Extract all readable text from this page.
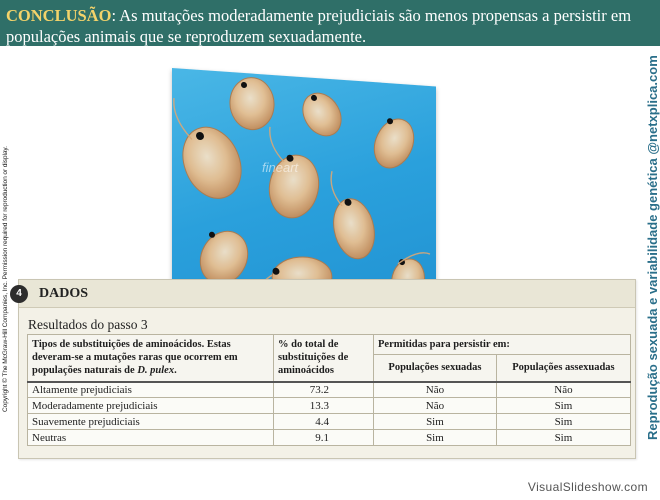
CONCLUSÃO: As mutações moderadamente prejudiciais são menos propensas a persistir em populações animais que se reproduzem sexuadamente.
Copyright © The McGraw-Hill Companies, Inc. Permission required for reproduction or display.	Reprodução sexuada e variabilidade genética @netxplica.com
fineart
4	DADOS
Resultados do passo 3
Tipos de substituições de aminoácidos. Estas deveram-se a mutações raras que ocorrem em populações naturais de D. pulex.	% do total de substituições de aminoácidos	Permitidas para persistir em:	
		Populações sexuadas	Populações assexuadas
Altamente prejudiciais	73.2	Não	Não
Moderadamente prejudiciais	13.3	Não	Sim
Suavemente prejudiciais	4.4	Sim	Sim
Neutras	9.1	Sim	Sim
VisualSlideshow.com
